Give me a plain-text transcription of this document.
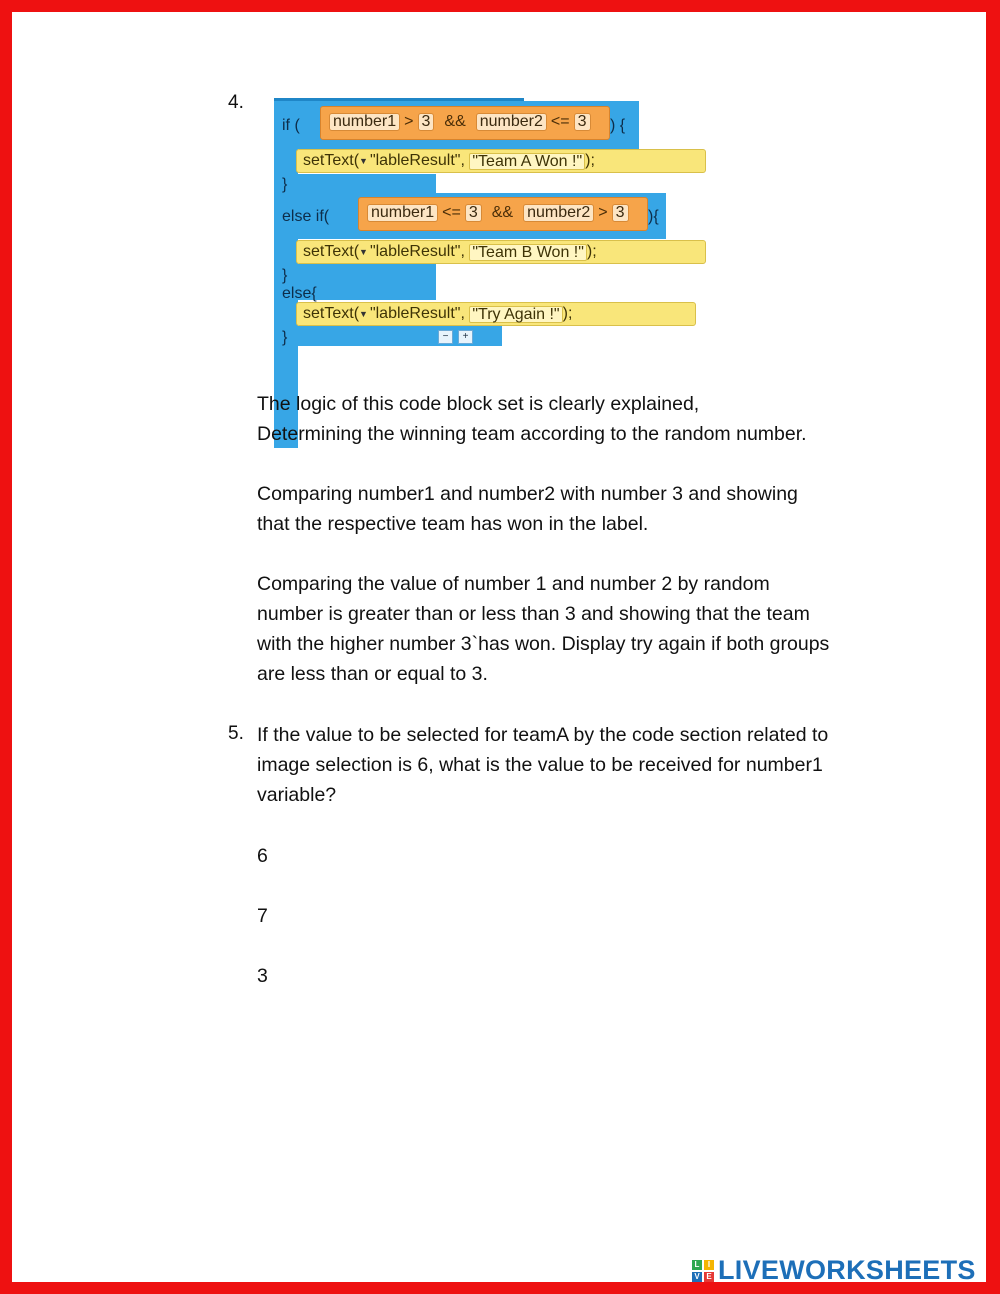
4.
if ( number1 > 3 && number2 <= 3 ) {
setText( ▼ "lableResult",
"Team A Won !" );
}
else if(	number1 <= 3 && number2 > 3 ){
setText( ▼ "lableResult",
"Team B Won !" );
}
else{
setText( ▼ "lableResult",
"Try Again !" );
}	−	+
The logic of this code block set is clearly explained,
Determining the winning team according to the random number.
Comparing number1 and number2 with number 3 and showing
that the respective team has won in the label.
Comparing the value of number 1 and number 2 by random
number is greater than or less than 3 and showing that the team
with the higher number 3`has won. Display try again if both groups
are less than or equal to 3.
5. If the value to be selected for teamA by the code section related to
image selection is 6, what is the value to be received for number1
variable?
6
7
3
L	I
V E LIVEWORKSHEETS
